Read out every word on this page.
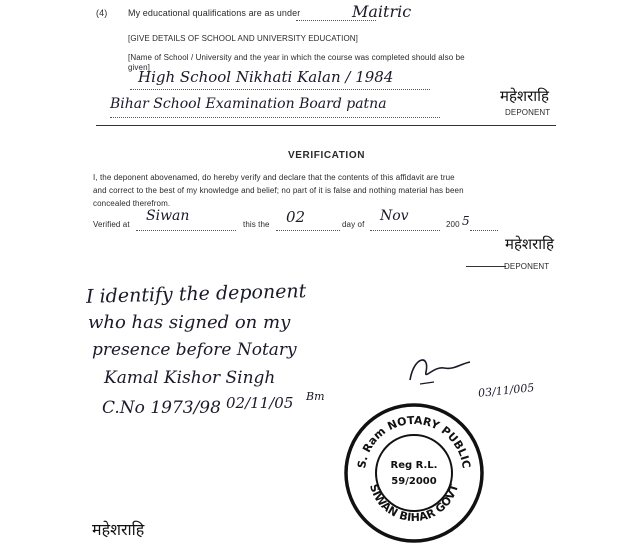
(4) My educational qualifications are as under	Maitric
[GIVE DETAILS OF SCHOOL AND UNIVERSITY EDUCATION]
[Name of School / University and the year in which the course was completed should also be
given]
High School Nikhati Kalan / 1984
Bihar School Examination Board patna	महेशराहि
DEPONENT
VERIFICATION
I, the deponent abovenamed, do hereby verify and declare that the contents of this affidavit are true
and correct to the best of my knowledge and belief; no part of it is false and nothing material has been
concealed therefrom.
Verified at
Siwan
this the 02	day of
Nov
200 5
महेशराहि
DEPONENT
I identify the deponent
who has signed on my
presence before Notary
Kamal Kishor Singh
C.No 1973/98 02/11/05 Bm	03/11/005
S. Ram NOTARY PUBLIC
SIWAN BIHAR GOVT
Reg R.L.
59/2000
महेशराहि
